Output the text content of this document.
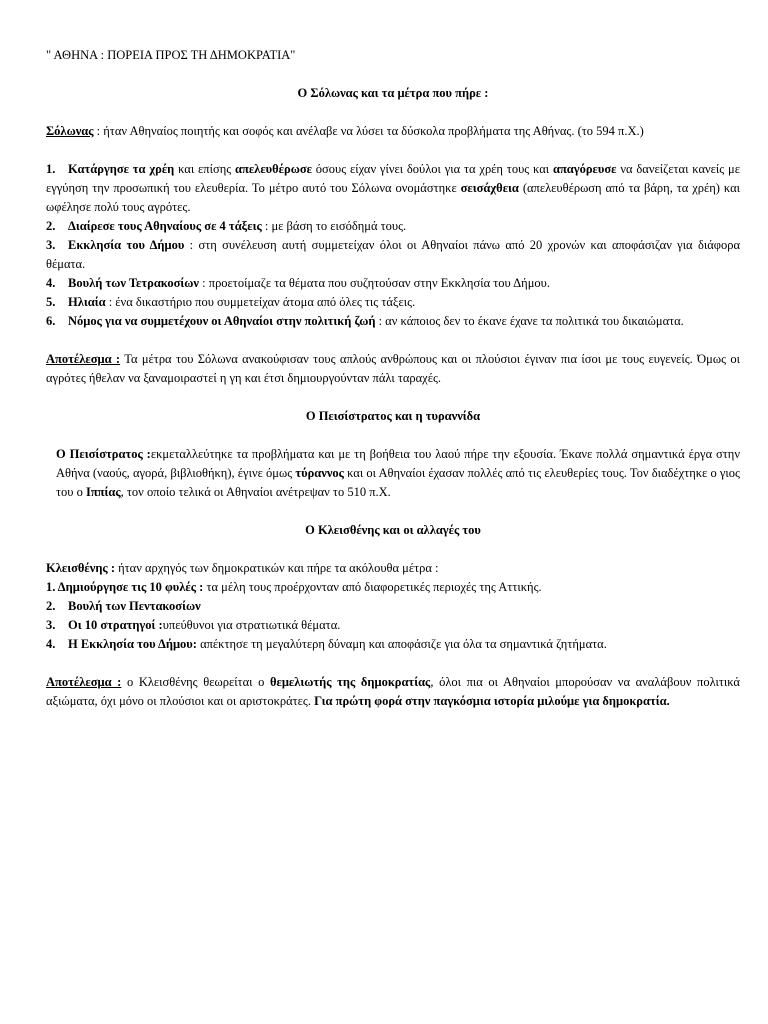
" ΑΘΗΝΑ : ΠΟΡΕΙΑ ΠΡΟΣ ΤΗ ΔΗΜΟΚΡΑΤΙΑ"

Ο Σόλωνας και τα μέτρα που πήρε :

Σόλωνας : ήταν Αθηναίος ποιητής και σοφός και ανέλαβε να λύσει τα δύσκολα προβλήματα της Αθήνας. (το 594 π.Χ.)

1. Κατάργησε τα χρέη και επίσης απελευθέρωσε όσους είχαν γίνει δούλοι για τα χρέη τους και απαγόρευσε να δανείζεται κανείς με εγγύηση την προσωπική του ελευθερία. Το μέτρο αυτό του Σόλωνα ονομάστηκε σεισάχθεια (απελευθέρωση από τα βάρη, τα χρέη) και ωφέλησε πολύ τους αγρότες.

2. Διαίρεσε τους Αθηναίους σε 4 τάξεις : με βάση το εισόδημά τους.

3. Εκκλησία του Δήμου : στη συνέλευση αυτή συμμετείχαν όλοι οι Αθηναίοι πάνω από 20 χρονών και αποφάσιζαν για διάφορα θέματα.

4. Βουλή των Τετρακοσίων : προετοίμαζε τα θέματα που συζητούσαν στην Εκκλησία του Δήμου.

5. Ηλιαία : ένα δικαστήριο που συμμετείχαν άτομα από όλες τις τάξεις.

6. Νόμος για να συμμετέχουν οι Αθηναίοι στην πολιτική ζωή : αν κάποιος δεν το έκανε έχανε τα πολιτικά του δικαιώματα.

Αποτέλεσμα : Τα μέτρα του Σόλωνα ανακούφισαν τους απλούς ανθρώπους και οι πλούσιοι έγιναν πια ίσοι με τους ευγενείς. Όμως οι αγρότες ήθελαν να ξαναμοιραστεί η γη και έτσι δημιουργούνταν πάλι ταραχές.

Ο Πεισίστρατος και η τυραννίδα

Ο Πεισίστρατος :εκμεταλλεύτηκε τα προβλήματα και με τη βοήθεια του λαού πήρε την εξουσία. Έκανε πολλά σημαντικά έργα στην Αθήνα (ναούς, αγορά, βιβλιοθήκη), έγινε όμως τύραννος και οι Αθηναίοι έχασαν πολλές από τις ελευθερίες τους. Τον διαδέχτηκε ο γιος του ο Ιππίας, τον οποίο τελικά οι Αθηναίοι ανέτρεψαν το 510 π.Χ.

Ο Κλεισθένης και οι αλλαγές του

Κλεισθένης : ήταν αρχηγός των δημοκρατικών και πήρε τα ακόλουθα μέτρα :

1. Δημιούργησε τις 10 φυλές : τα μέλη τους προέρχονταν από διαφορετικές περιοχές της Αττικής.

2. Βουλή των Πεντακοσίων

3. Οι 10 στρατηγοί :υπεύθυνοι για στρατιωτικά θέματα.

4. Η Εκκλησία του Δήμου: απέκτησε τη μεγαλύτερη δύναμη και αποφάσιζε για όλα τα σημαντικά ζητήματα.

Αποτέλεσμα : ο Κλεισθένης θεωρείται ο θεμελιωτής της δημοκρατίας, όλοι πια οι Αθηναίοι μπορούσαν να αναλάβουν πολιτικά αξιώματα, όχι μόνο οι πλούσιοι και οι αριστοκράτες. Για πρώτη φορά στην παγκόσμια ιστορία μιλούμε για δημοκρατία.
